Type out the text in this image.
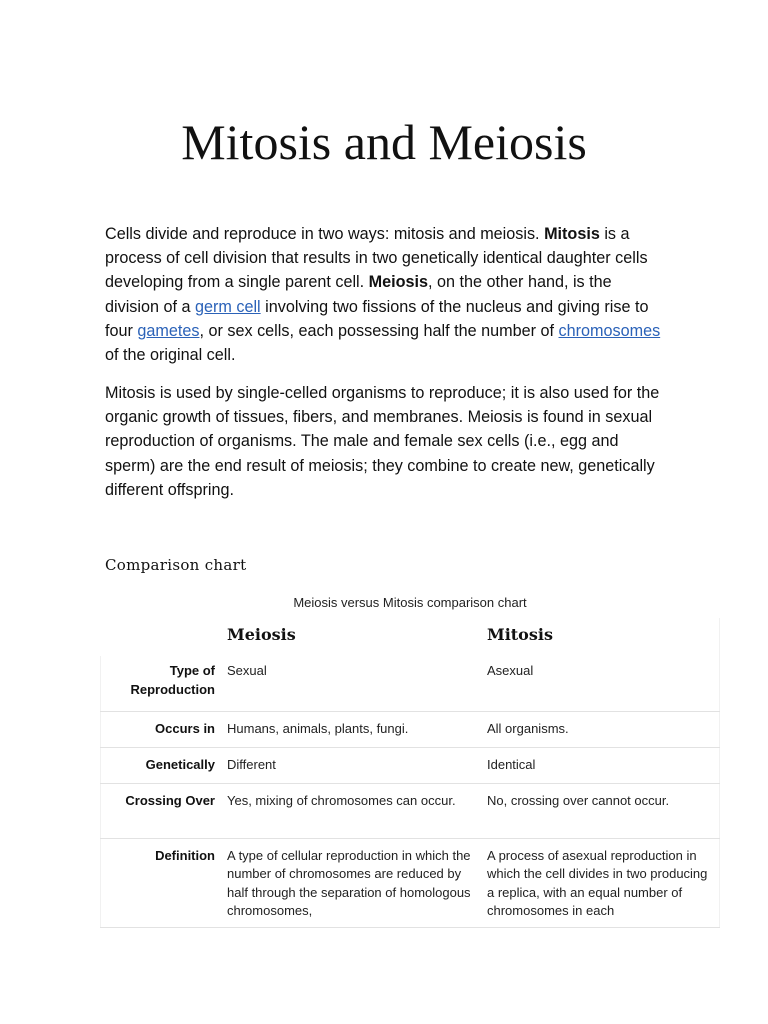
Mitosis and Meiosis

Cells divide and reproduce in two ways: mitosis and meiosis. Mitosis is a process of cell division that results in two genetically identical daughter cells developing from a single parent cell. Meiosis, on the other hand, is the division of a germ cell involving two fissions of the nucleus and giving rise to four gametes, or sex cells, each possessing half the number of chromosomes of the original cell.

Mitosis is used by single-celled organisms to reproduce; it is also used for the organic growth of tissues, fibers, and membranes. Meiosis is found in sexual reproduction of organisms. The male and female sex cells (i.e., egg and sperm) are the end result of meiosis; they combine to create new, genetically different offspring.

Comparison chart
Meiosis versus Mitosis comparison chart
	Meiosis	Mitosis
Type of Reproduction	Sexual	Asexual
Occurs in	Humans, animals, plants, fungi.	All organisms.
Genetically	Different	Identical
Crossing Over	Yes, mixing of chromosomes can occur.	No, crossing over cannot occur.
Definition	A type of cellular reproduction in which the number of chromosomes are reduced by half through the separation of homologous chromosomes,	A process of asexual reproduction in which the cell divides in two producing a replica, with an equal number of chromosomes in each
